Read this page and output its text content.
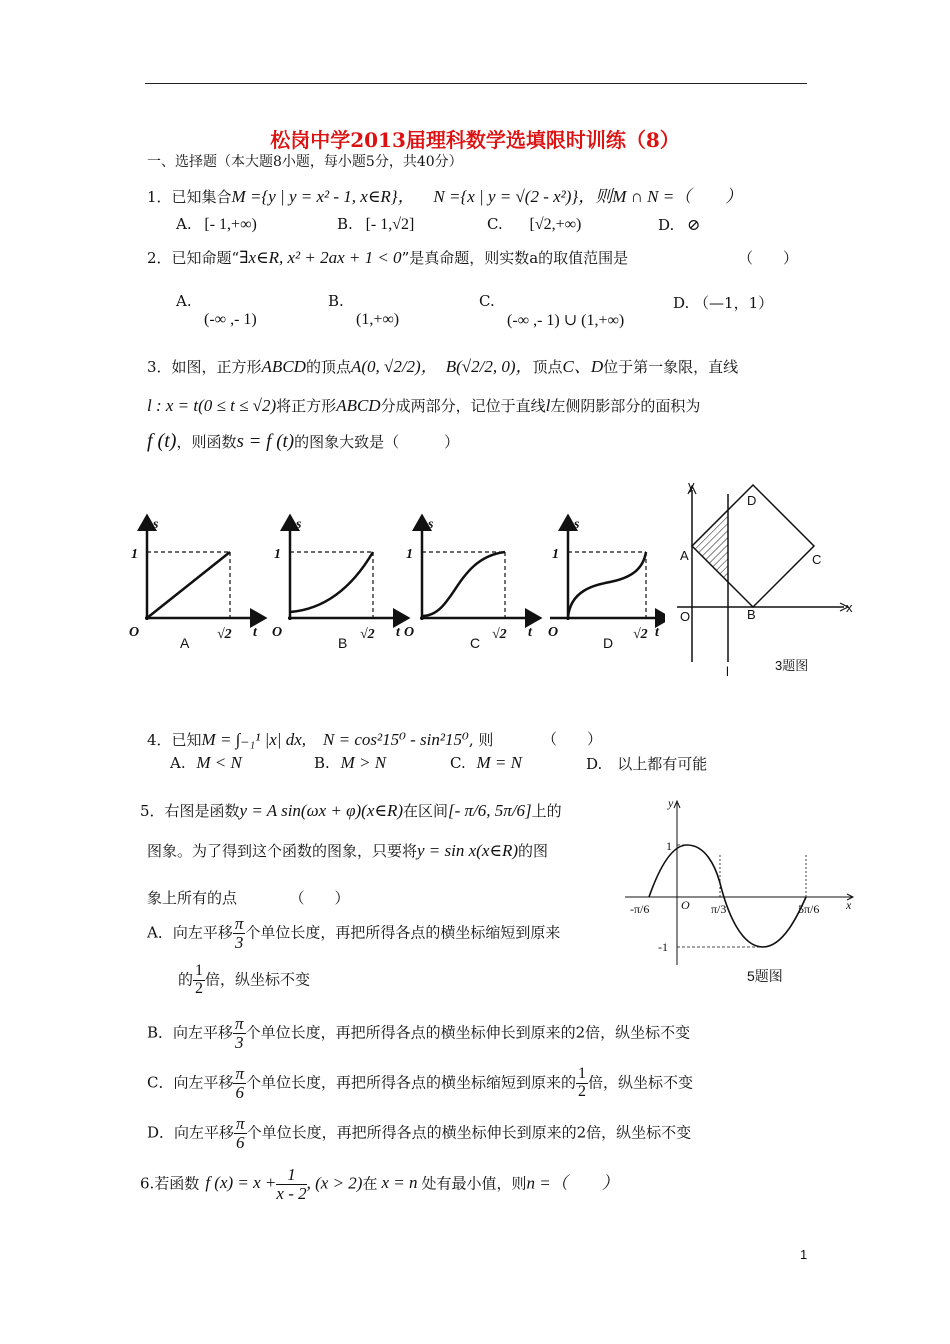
松岗中学2013届理科数学选填限时训练（8）
一、选择题（本大题8小题，每小题5分，共40分）
1．已知集合M ={y | y = x² - 1, x∈R}， N ={x | y = √(2 - x²)}，则M ∩ N =（　　）
A. [- 1,+∞)	B. [- 1,√2]	C. [√2,+∞)	D. ⊘
2．已知命题“∃x∈R, x² + 2ax + 1 < 0”是真命题，则实数a的取值范围是	（　　）
A.
(-∞ ,- 1)
B.
(1,+∞)
C.
(-∞ ,- 1) ∪ (1,+∞)
D. （—1，1）
3．如图，正方形ABCD的顶点A(0, √2/2)， B(√2/2, 0)，顶点C、D位于第一象限，直线
l : x = t(0 ≤ t ≤ √2)将正方形ABCD分成两部分，记位于直线l左侧阴影部分的面积为
f (t)，则函数s = f (t)的图象大致是（　　　）
s	s	s	s
1	1	1	1
O	O	O	O
√2	√2	√2	√2
t	t	t	t
A	B	C	D
y
D
A	C
x
O	B
l	3题图
4．已知M = ∫₋₁¹ |x| dx,　N = cos²15⁰ - sin²15⁰, 则	（　　）
A. M < N	B. M > N	C. M = N	D.　以上都有可能
5．右图是函数y = A sin(ωx + φ)(x∈R)在区间[- π/6, 5π/6]上的
图象。为了得到这个函数的图象，只要将y = sin x(x∈R)的图
象上所有的点　　　　（　　）
A．向左平移 $\frac{\pi}{3}$ 个单位长度，再把所得各点的横坐标缩短到原来
的 $\frac{1}{2}$ 倍，纵坐标不变
B．向左平移 $\frac{\pi}{3}$ 个单位长度，再把所得各点的横坐标伸长到原来的2倍，纵坐标不变
C．向左平移 $\frac{\pi}{6}$ 个单位长度，再把所得各点的横坐标缩短到原来的 $\frac{1}{2}$ 倍，纵坐标不变
D．向左平移 $\frac{\pi}{6}$ 个单位长度，再把所得各点的横坐标伸长到原来的2倍，纵坐标不变
y
1
O	x
-1
-π/6	π/3	5π/6
5题图
6.若函数 f $(x) = x + \frac{1}{x - 2}$ , (x > 2)在 x = n 处有最小值，则n =（　　）
1
